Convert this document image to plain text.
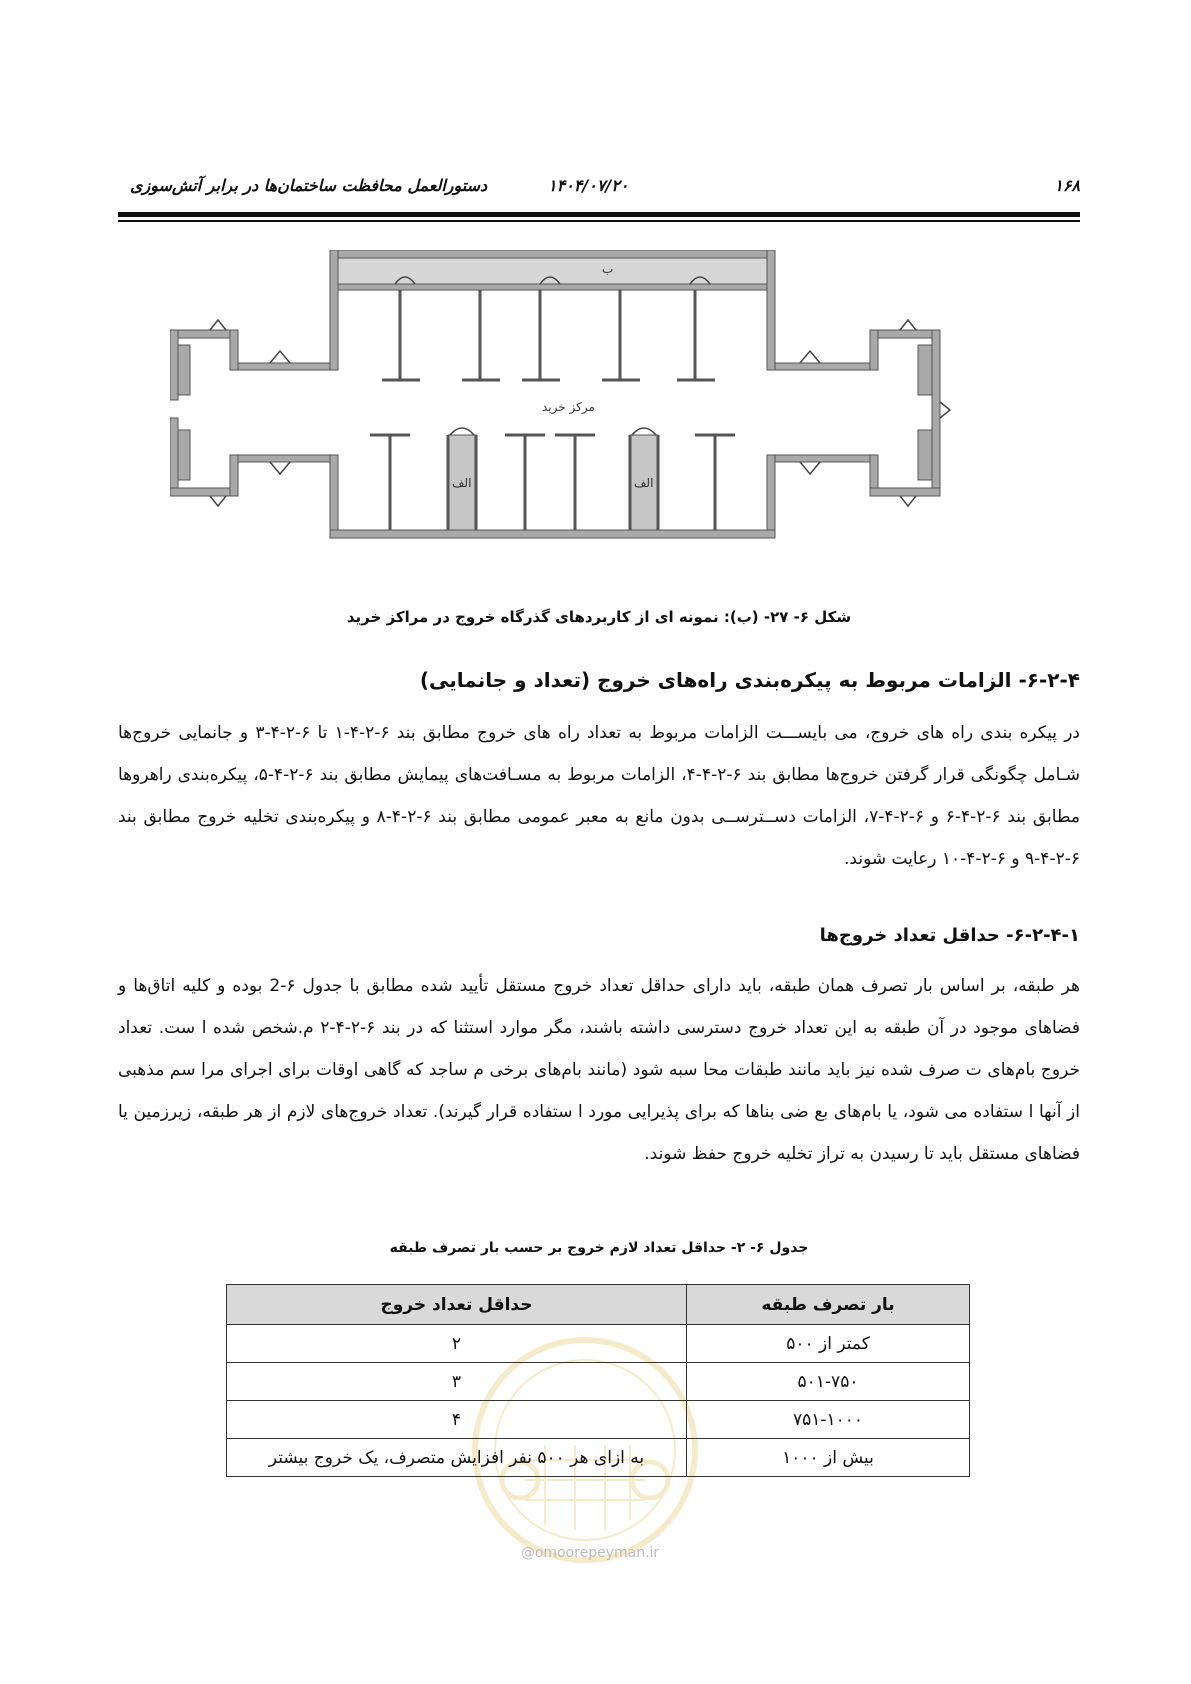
۱۶۸
۱۴۰۴/۰۷/۲۰
دستورالعمل محافظت ساختمان‌ها در برابر آتش‌سوزی
مرکز خرید
ب
الف	الف
شکل ۶- ۲۷- (ب): نمونه ای از کاربردهای گذرگاه خروج در مراکز خرید
۶-۲-۴- الزامات مربوط به پیکره‌بندی راه‌های خروج (تعداد و جانمایی)
در پیکره بندی راه های خروج، می بایســـت الزامات مربوط به تعداد راه های خروج مطابق بند ۶-۲-۴-۱ تا ۶-۲-۴-۳ و جانمایی خروج‌ها شـامل چگونگی قرار گرفتن خروج‌ها مطابق بند ۶-۲-۴-۴، الزامات مربوط به مسـافت‌های پیمایش مطابق بند ۶-۲-۴-۵، پیکره‌بندی راهروها مطابق بند ۶-۲-۴-۶ و ۶-۲-۴-۷، الزامات دســترســی بدون مانع به معبر عمومی مطابق بند ۶-۲-۴-۸ و پیکره‌بندی تخلیه خروج مطابق بند ۶-۲-۴-۹ و ۶-۲-۴-۱۰ رعایت شوند.
۶-۲-۴-۱- حداقل تعداد خروج‌ها
هر طبقه، بر اساس بار تصرف همان طبقه، باید دارای حداقل تعداد خروج مستقل تأیید شده مطابق با جدول ۶-2 بوده و کلیه اتاق‌ها و فضاهای موجود در آن طبقه به این تعداد خروج دسترسی داشته باشند، مگر موارد استثنا که در بند ۶-۲-۴-۲ م.شخص شده ا ست. تعداد خروج بام‌های ت صرف شده نیز باید مانند طبقات محا سبه شود (مانند بام‌های برخی م ساجد که گاهی اوقات برای اجرای مرا سم مذهبی از آنها ا ستفاده می شود، یا بام‌های بع ضی بناها که برای پذیرایی مورد ا ستفاده قرار گیرند). تعداد خروج‌های لازم از هر طبقه، زیرزمین یا فضاهای مستقل باید تا رسیدن به تراز تخلیه خروج حفظ شوند.
جدول ۶- ۲- حداقل تعداد لازم خروج بر حسب بار تصرف طبقه
بار تصرف طبقه	حداقل تعداد خروج
کمتر از ۵۰۰	۲
۵۰۱-۷۵۰	۳
۷۵۱-۱۰۰۰	۴
بیش از ۱۰۰۰	به ازای هر ۵۰۰ نفر افزایش متصرف، یک خروج بیشتر
@omoorepeyman.ir
